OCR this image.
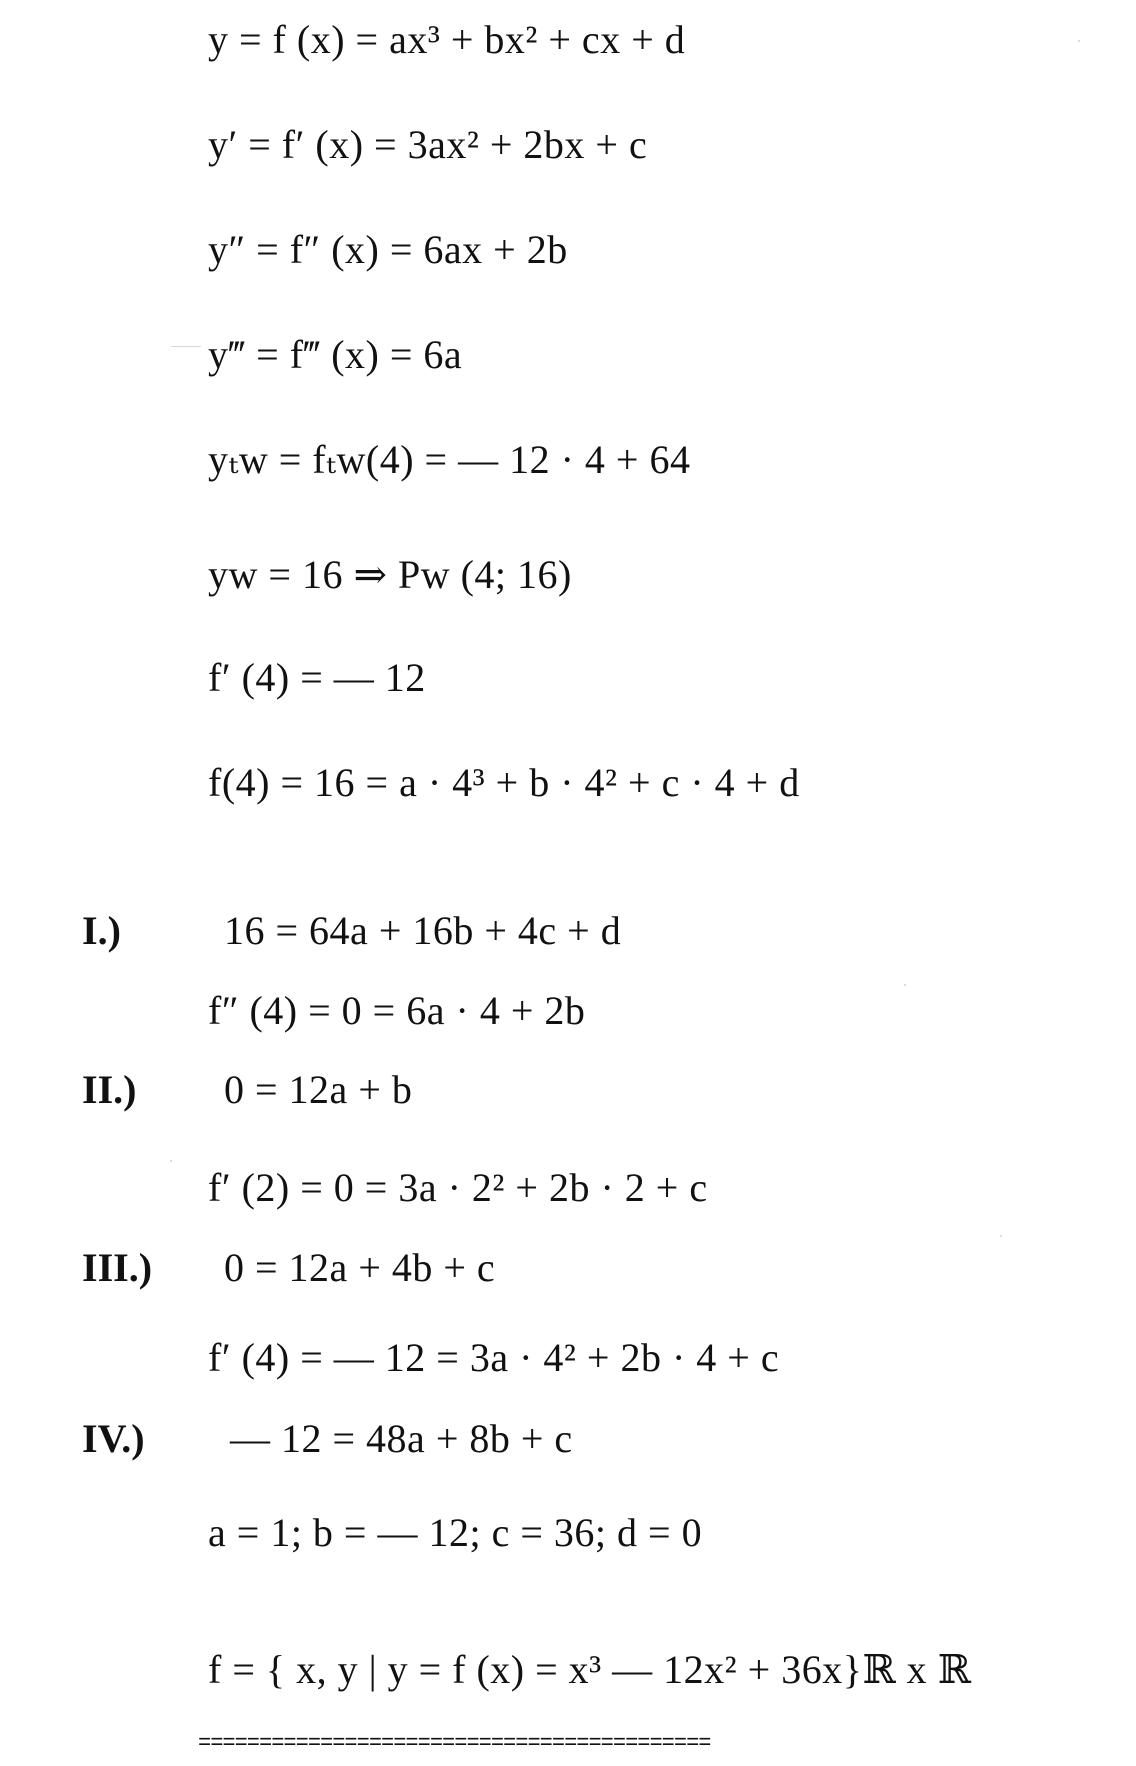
y = f (x) = ax³ + bx² + cx + d
y′ = f′ (x) = 3ax² + 2bx + c
y″ = f″ (x) = 6ax + 2b
y‴ = f‴ (x) = 6a
yₜw = fₜw(4) = — 12 · 4 + 64
yw = 16 ⇒ Pw (4; 16)
f′ (4) = — 12
f(4) = 16 = a · 4³ + b · 4² + c · 4 + d
I.)	16 = 64a + 16b + 4c + d
f″ (4) = 0 = 6a · 4 + 2b
II.) 0 = 12a + b
f′ (2) = 0 = 3a · 2² + 2b · 2 + c
III.) 0 = 12a + 4b + c
f′ (4) = — 12 = 3a · 4² + 2b · 4 + c
IV.) — 12 = 48a + 8b + c
a = 1; b = — 12; c = 36; d = 0
f = { x, y | y = f (x) = x³ — 12x² + 36x}ℝ x ℝ
==========================================
